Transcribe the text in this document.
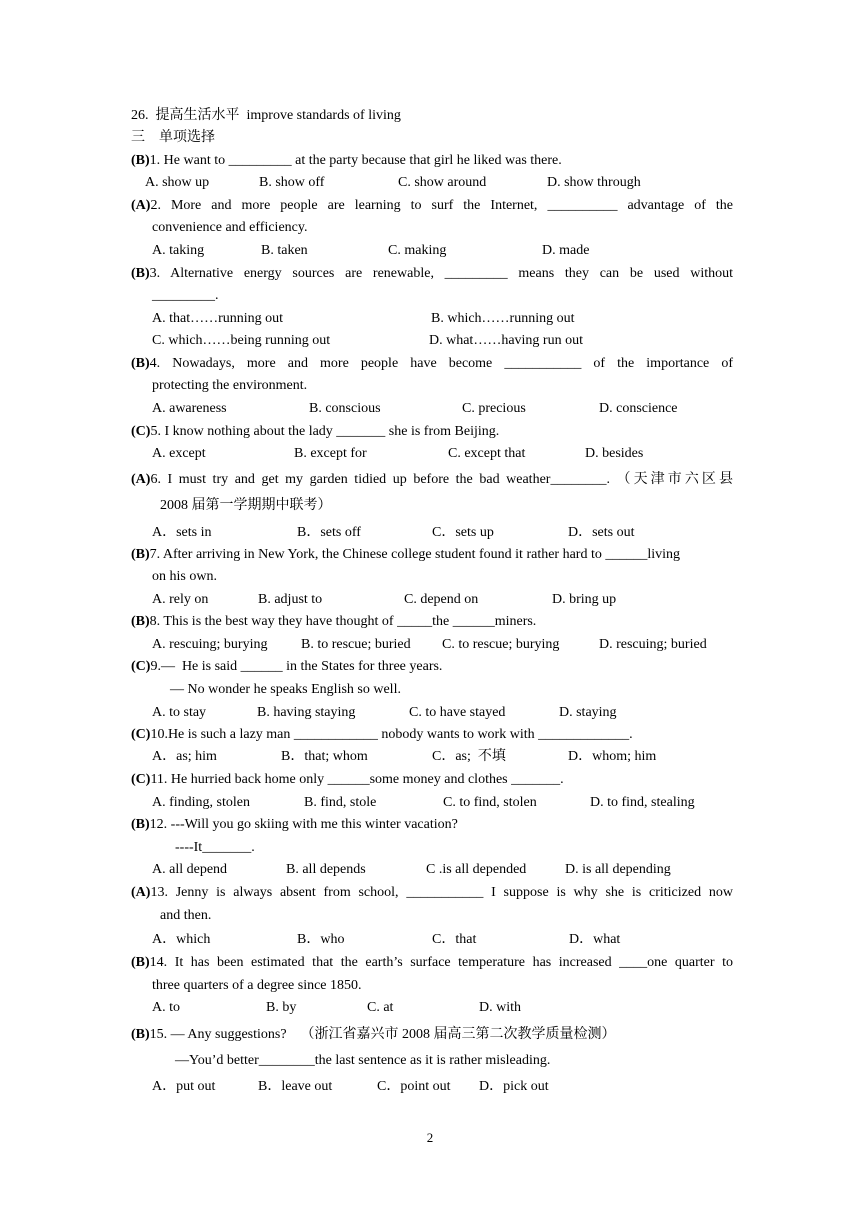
26.  提高生活水平  improve standards of living
三    单项选择
(B)1. He want to _________ at the party because that girl he liked was there.
A. show up	B. show off	C. show around	D. show through
(A)2. More and more people are learning to surf the Internet, __________ advantage of the
convenience and efficiency.
A. taking	B. taken	C. making	D. made
(B)3. Alternative energy sources are renewable, _________ means they can be used without
_________.
A. that……running out	B. which……running out
C. which……being running out	D. what……having run out
(B)4. Nowadays, more and more people have become ___________ of the importance of
protecting the environment.
A. awareness	B. conscious	C. precious	D. conscience
(C)5. I know nothing about the lady _______ she is from Beijing.
A. except	B. except for	C. except that	D. besides
(A)6. I must try and get my garden tidied up before the bad weather________. （天津市六区县
2008 届第一学期期中联考）
A．sets in	B．sets off	C．sets up	D．sets out
(B)7. After arriving in New York, the Chinese college student found it rather hard to ______living
on his own.
A. rely on	B. adjust to	C. depend on	D. bring up
(B)8. This is the best way they have thought of _____the ______miners.
A. rescuing; burying B. to rescue; buried C. to rescue; burying	D. rescuing; buried
(C)9.—  He is said ______ in the States for three years.
— No wonder he speaks English so well.
A. to stay	B. having staying	C. to have stayed	D. staying
(C)10.He is such a lazy man ____________ nobody wants to work with _____________.
A．as; him	B．that; whom	C．as;  不填	D．whom; him
(C)11. He hurried back home only ______some money and clothes _______.
A. finding, stolen	B. find, stole	C. to find, stolen	D. to find, stealing
(B)12. ---Will you go skiing with me this winter vacation?
----It_______.
A. all depend	B. all depends	C .is all depended	D. is all depending
(A)13. Jenny is always absent from school, ___________ I suppose is why she is criticized now
and then.
A．which	B．who	C．that	D．what
(B)14. It has been estimated that the earth’s surface temperature has increased ____one quarter to
three quarters of a degree since 1850.
A. to	B. by	C. at	D. with
(B)15. — Any suggestions?    （浙江省嘉兴市 2008 届高三第二次教学质量检测）
—You’d better________the last sentence as it is rather misleading.
A．put out	B．leave out	C．point out D．pick out
2
